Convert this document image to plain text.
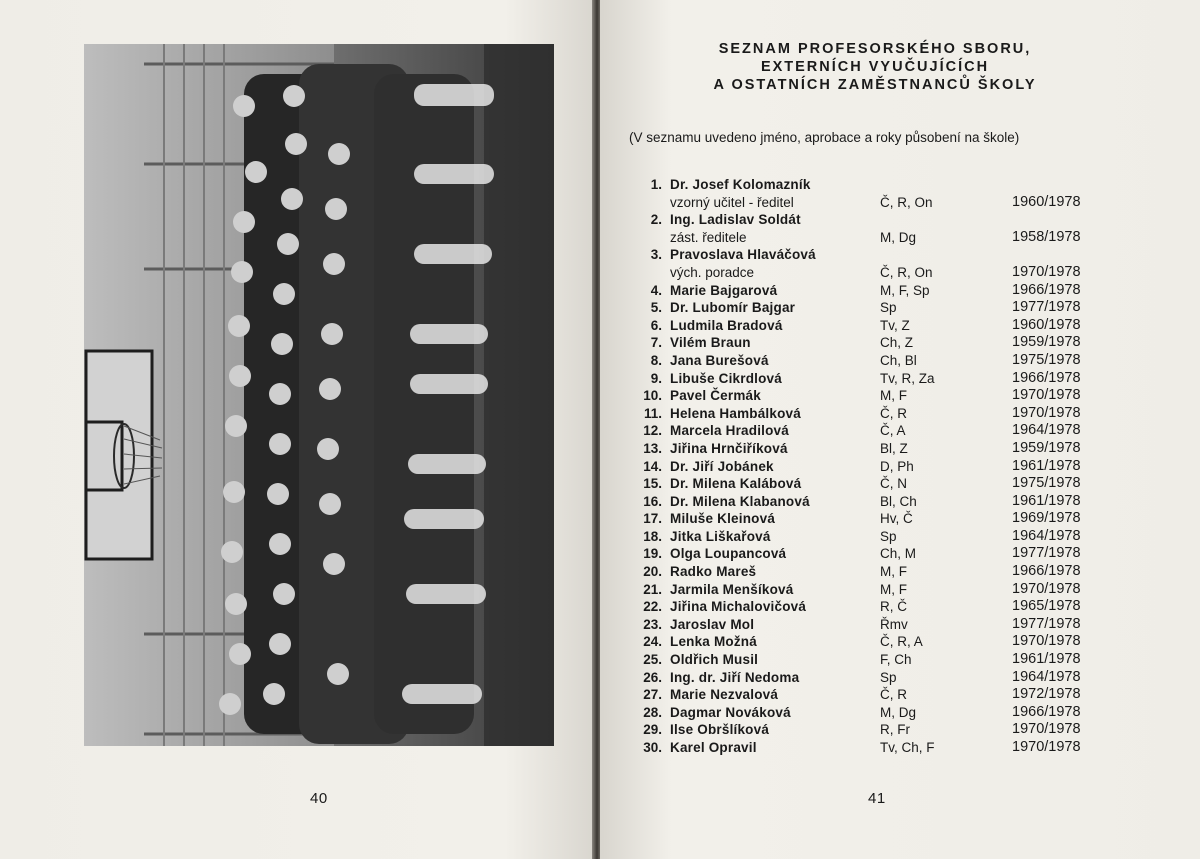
40
SEZNAM PROFESORSKÉHO SBORU,
EXTERNÍCH VYUČUJÍCÍCH
A OSTATNÍCH ZAMĚSTNANCŮ ŠKOLY
(V seznamu uvedeno jméno, aprobace a roky působení na škole)
1. Dr. Josef Kolomazník
vzorný učitel - ředitel	Č, R, On	1960/1978
2. Ing. Ladislav Soldát
zást. ředitele	M, Dg	1958/1978
3. Pravoslava Hlaváčová
vých. poradce	Č, R, On	1970/1978
4. Marie Bajgarová	M, F, Sp	1966/1978
5. Dr. Lubomír Bajgar	Sp	1977/1978
6. Ludmila Bradová	Tv, Z	1960/1978
7. Vilém Braun	Ch, Z	1959/1978
8. Jana Burešová	Ch, Bl	1975/1978
9. Libuše Cikrdlová	Tv, R, Za	1966/1978
10. Pavel Čermák	M, F	1970/1978
11. Helena Hambálková	Č, R	1970/1978
12. Marcela Hradilová	Č, A	1964/1978
13. Jiřina Hrnčiříková	Bl, Z	1959/1978
14. Dr. Jiří Jobánek	D, Ph	1961/1978
15. Dr. Milena Kalábová	Č, N	1975/1978
16. Dr. Milena Klabanová	Bl, Ch	1961/1978
17. Miluše Kleinová	Hv, Č	1969/1978
18. Jitka Liškařová	Sp	1964/1978
19. Olga Loupancová	Ch, M	1977/1978
20. Radko Mareš	M, F	1966/1978
21. Jarmila Menšíková	M, F	1970/1978
22. Jiřina Michalovičová	R, Č	1965/1978
23. Jaroslav Mol	Řmv	1977/1978
24. Lenka Možná	Č, R, A	1970/1978
25. Oldřich Musil	F, Ch	1961/1978
26. Ing. dr. Jiří Nedoma	Sp	1964/1978
27. Marie Nezvalová	Č, R	1972/1978
28. Dagmar Nováková	M, Dg	1966/1978
29. Ilse Obršlíková	R, Fr	1970/1978
30. Karel Opravil	Tv, Ch, F	1970/1978
41
